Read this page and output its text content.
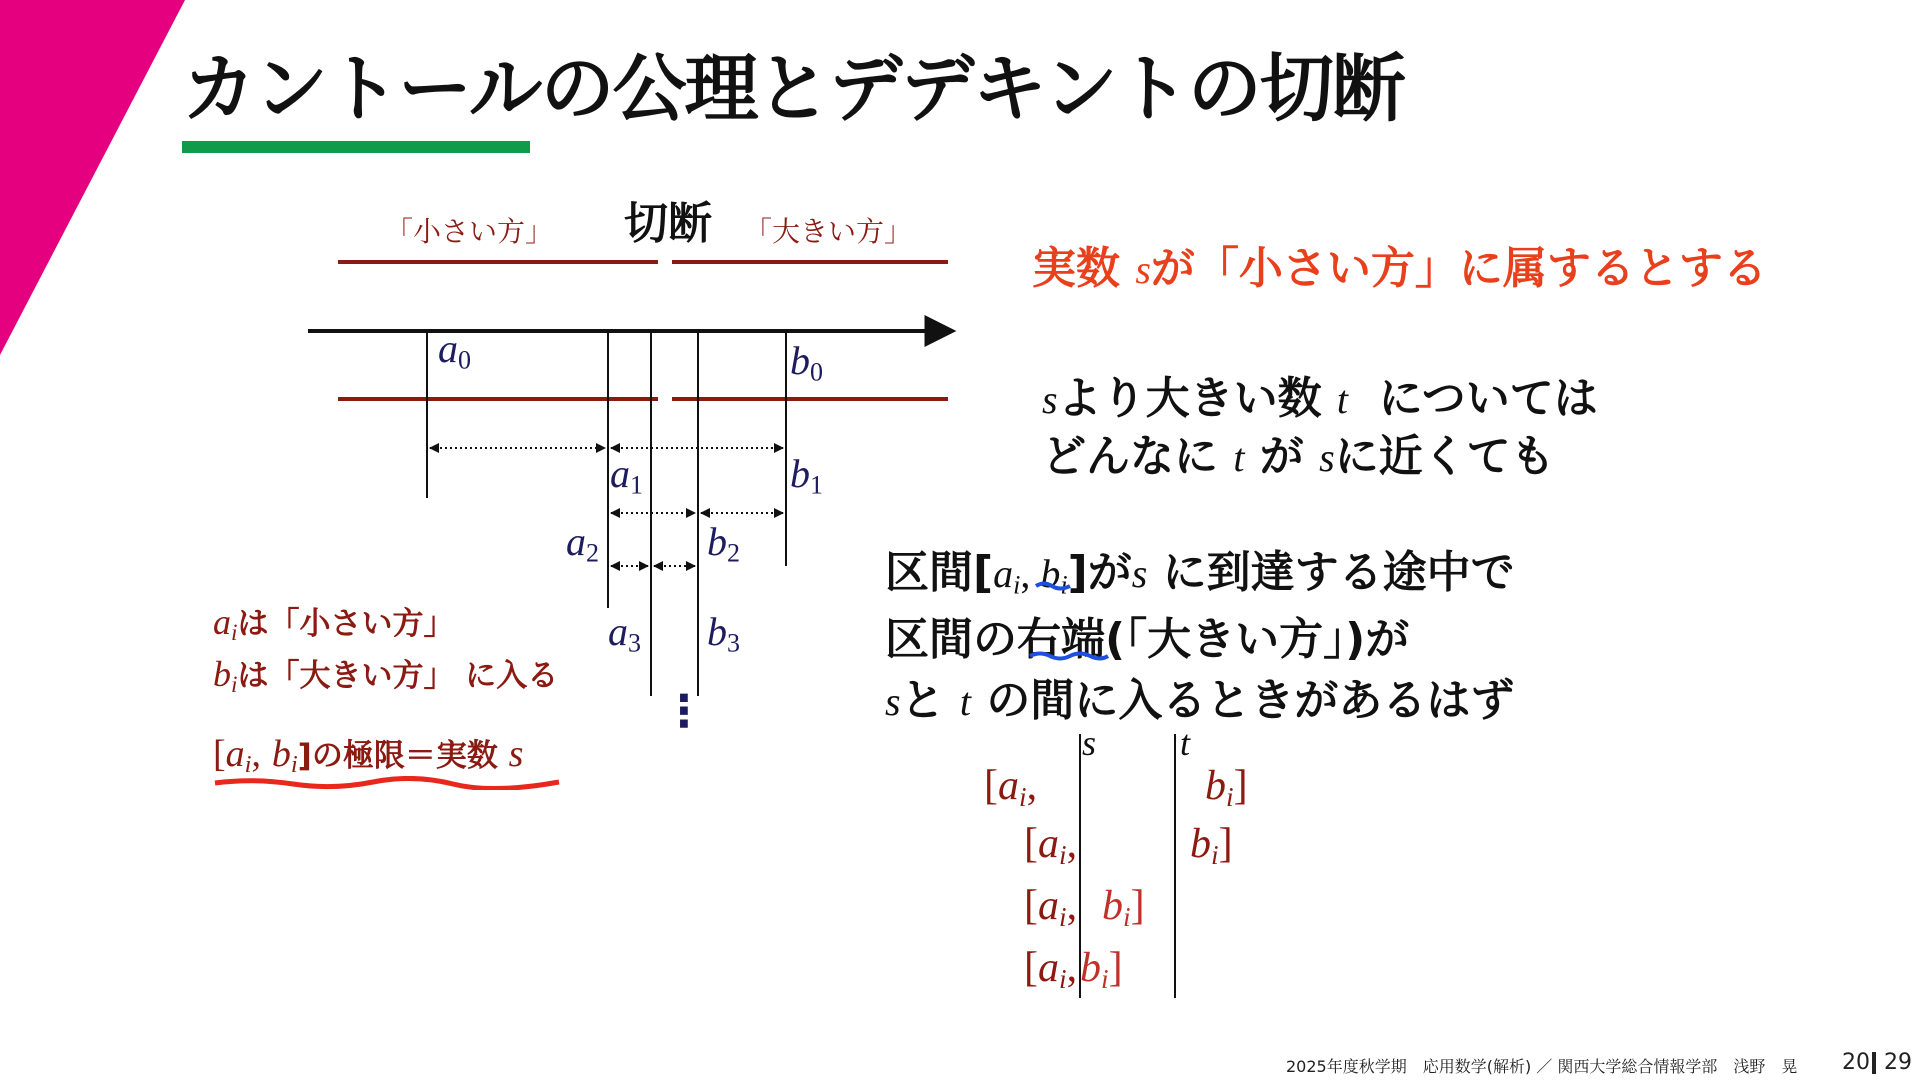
カントールの公理とデデキントの切断
「小さい方」 切断 「大きい方」
$a_0$	$b_0$
$a_1$	$b_1$
$a_2$	$b_2$
$a_3$ $b_3$
⋮
$a_i$は「小さい方」
$b_i$は「大きい方」 に入る
[$a_i$, $b_i$]の極限＝実数 s
実数 sが「小さい方」に属するとする
sより大きい数 t については
どんなに t が sに近くても
区間[$a_i$, $b_i$]がs に到達する途中で
区間の右端(「大きい方」)が
sと t の間に入るときがあるはず
s t
[$a_i$,	$b_i$]
[$a_i$,	$b_i$]
[$a_i$, $b_i$]
[$a_i$, $b_i$]
2025年度秋学期　応用数学(解析) ／ 関西大学総合情報学部　浅野　晃 20 29
